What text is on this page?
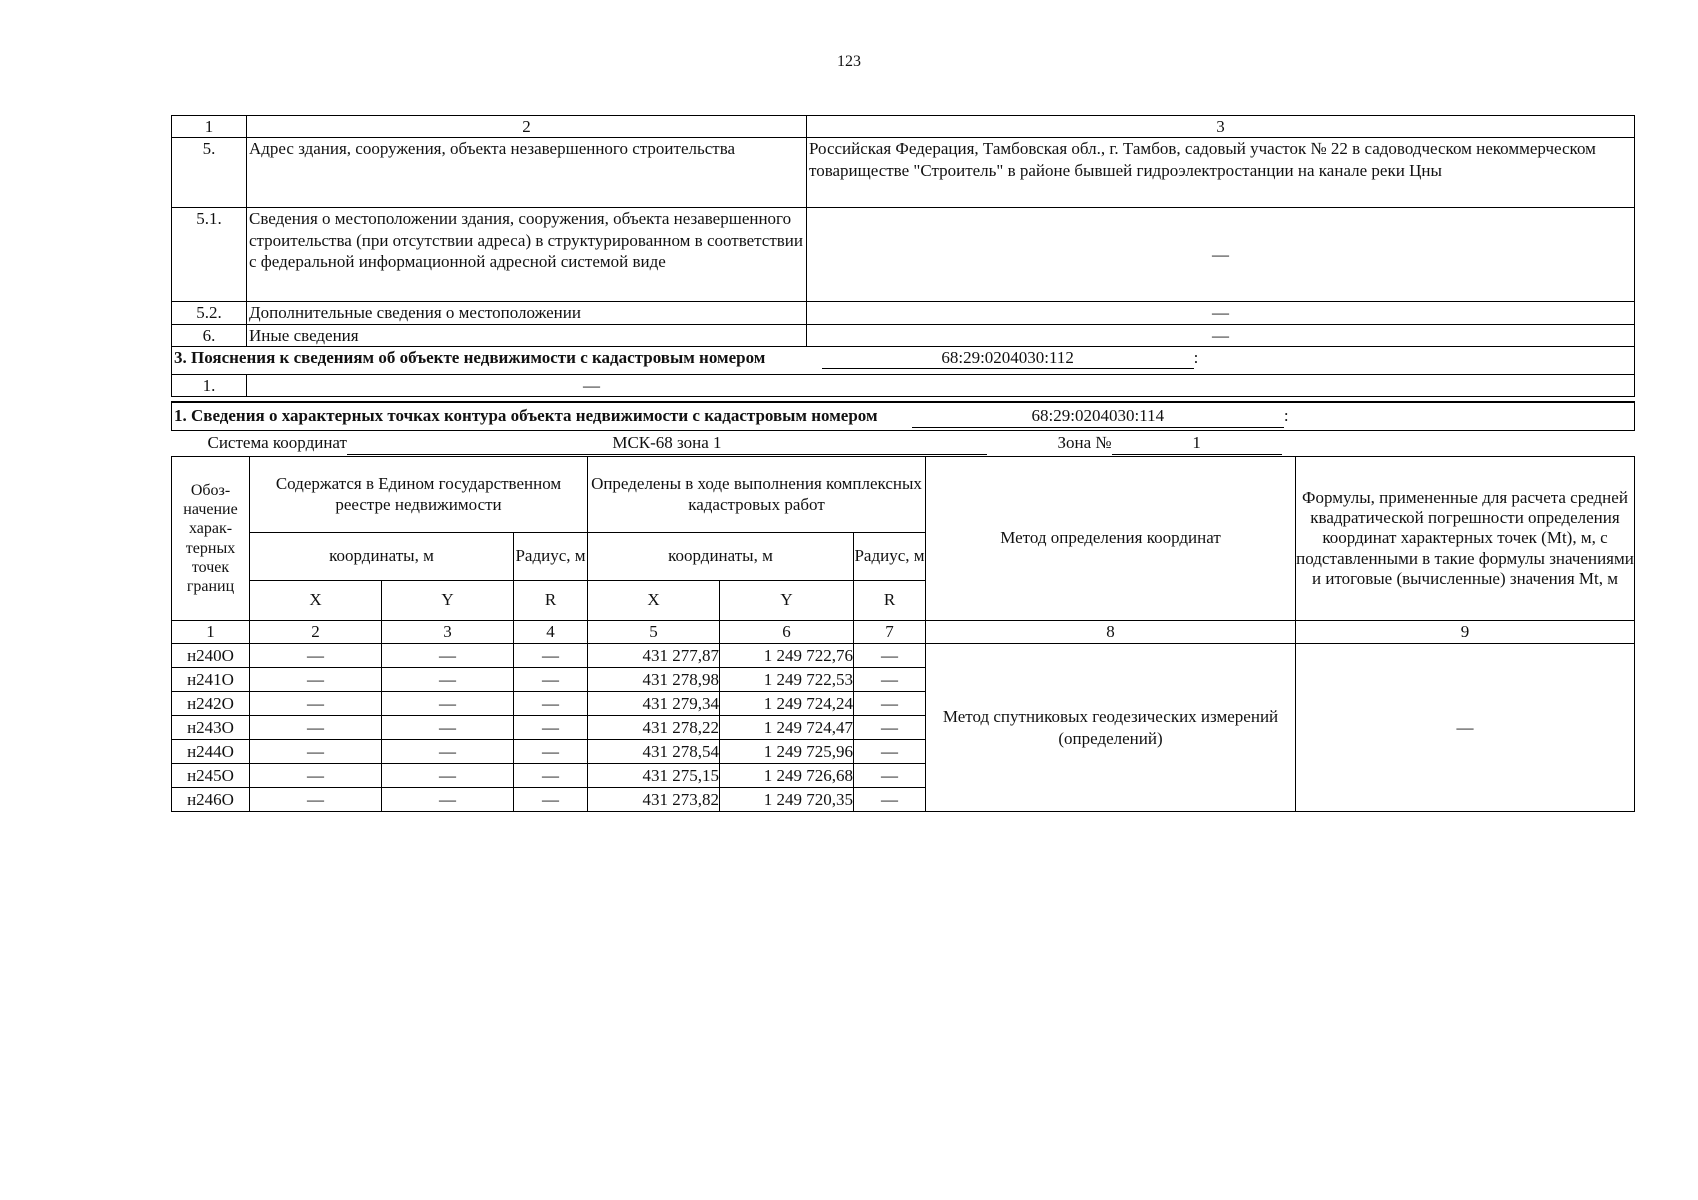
123
1	2	3
5.	Адрес здания, сооружения, объекта незавершенного строительства	Российская Федерация, Тамбовская обл., г. Тамбов, садовый участок № 22 в садоводческом некоммерческом товариществе "Строитель" в районе бывшей гидроэлектростанции на канале реки Цны
5.1.	Сведения о местоположении здания, сооружения, объекта незавершенного строительства (при отсутствии адреса) в структурированном в соответствии с федеральной информационной адресной системой виде	—
5.2.	Дополнительные сведения о местоположении	—
6.	Иные сведения	—
3. Пояснения к сведениям об объекте недвижимости с кадастровым номером 68:29:0204030:112 :		
1.	—	
1. Сведения о характерных точках контура объекта недвижимости с кадастровым номером 68:29:0204030:114 :								
Система координат МСК-68 зона 1 Зона № 1								
Обоз-начение харак-терных точек границ	Содержатся в Едином государственном реестре недвижимости			Определены в ходе выполнения комплексных кадастровых работ			Метод определения координат	Формулы, примененные для расчета средней квадратической погрешности определения координат характерных точек (Mt), м, с подставленными в такие формулы значениями и итоговые (вычисленные) значения Mt, м
	координаты, м		Радиус, м	координаты, м		Радиус, м		
	X	Y	R	X	Y	R		
1	2	3	4	5	6	7	8	9
н240О	—	—	—	431 277,87	1 249 722,76	—	Метод спутниковых геодезических измерений (определений)	—
н241О	—	—	—	431 278,98	1 249 722,53	—		
н242О	—	—	—	431 279,34	1 249 724,24	—		
н243О	—	—	—	431 278,22	1 249 724,47	—		
н244О	—	—	—	431 278,54	1 249 725,96	—		
н245О	—	—	—	431 275,15	1 249 726,68	—		
н246О	—	—	—	431 273,82	1 249 720,35	—		
